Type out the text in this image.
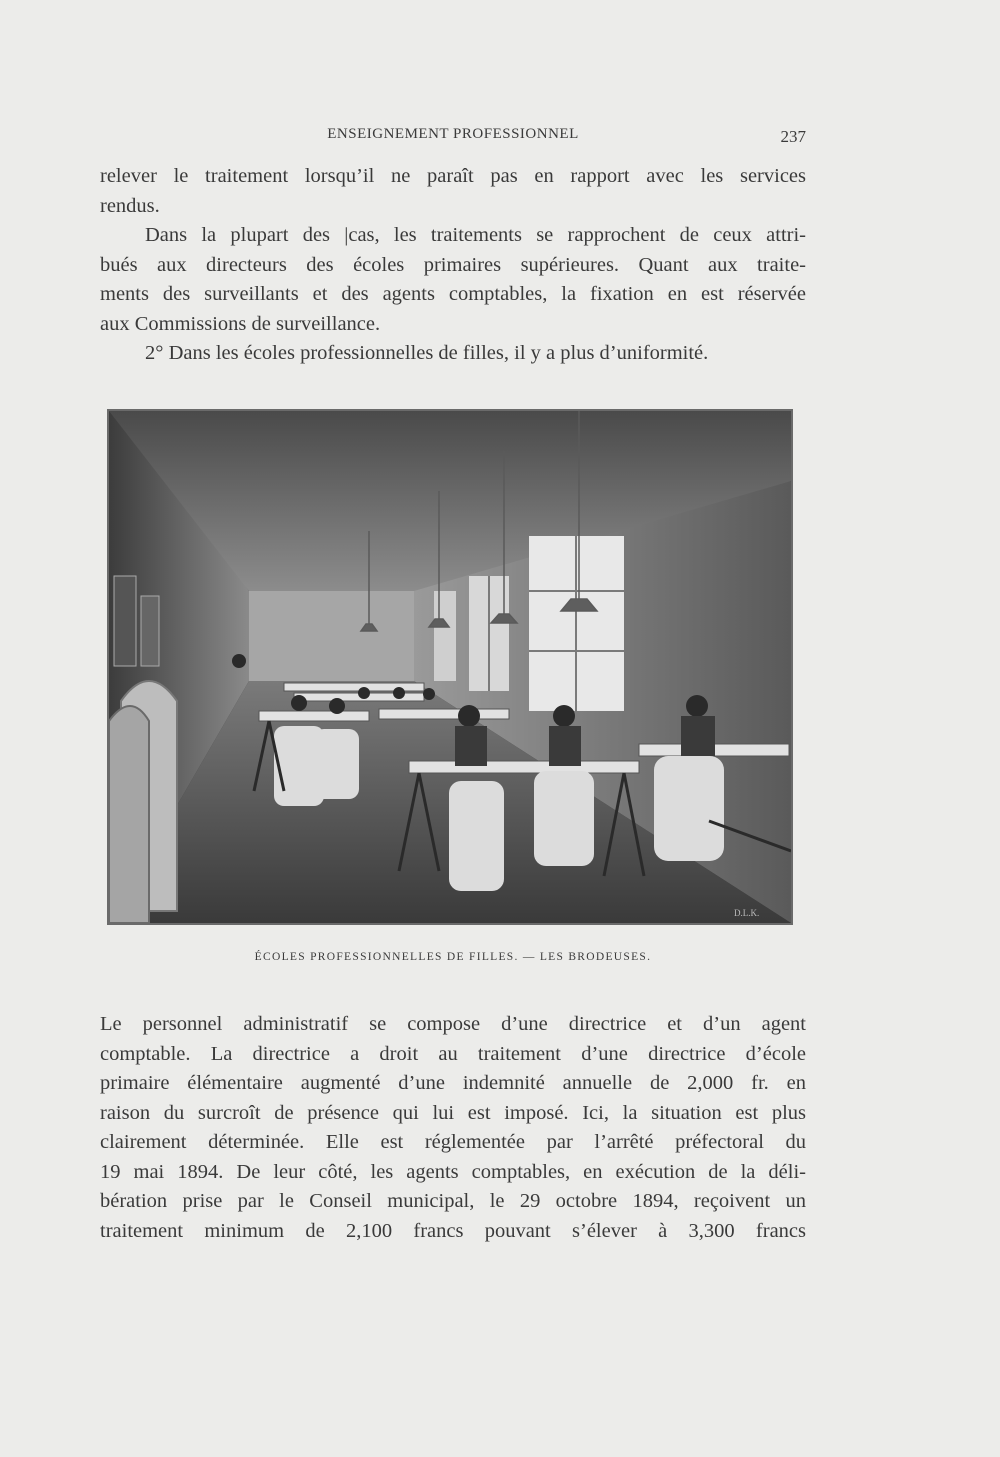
ENSEIGNEMENT PROFESSIONNEL	237
relever le traitement lorsqu’il ne paraît pas en rapport avec les services
rendus.
Dans la plupart des |cas, les traitements se rapprochent de ceux attri-
bués aux directeurs des écoles primaires supérieures. Quant aux traite-
ments des surveillants et des agents comptables, la fixation en est réservée
aux Commissions de surveillance.
2° Dans les écoles professionnelles de filles, il y a plus d’uniformité.
D.L.K.
ÉCOLES PROFESSIONNELLES DE FILLES. — LES BRODEUSES.
Le personnel administratif se compose d’une directrice et d’un agent
comptable. La directrice a droit au traitement d’une directrice d’école
primaire élémentaire augmenté d’une indemnité annuelle de 2,000 fr. en
raison du surcroît de présence qui lui est imposé. Ici, la situation est plus
clairement déterminée. Elle est réglementée par l’arrêté préfectoral du
19 mai 1894. De leur côté, les agents comptables, en exécution de la déli-
bération prise par le Conseil municipal, le 29 octobre 1894, reçoivent un
traitement minimum de 2,100 francs pouvant s’élever à 3,300 francs
